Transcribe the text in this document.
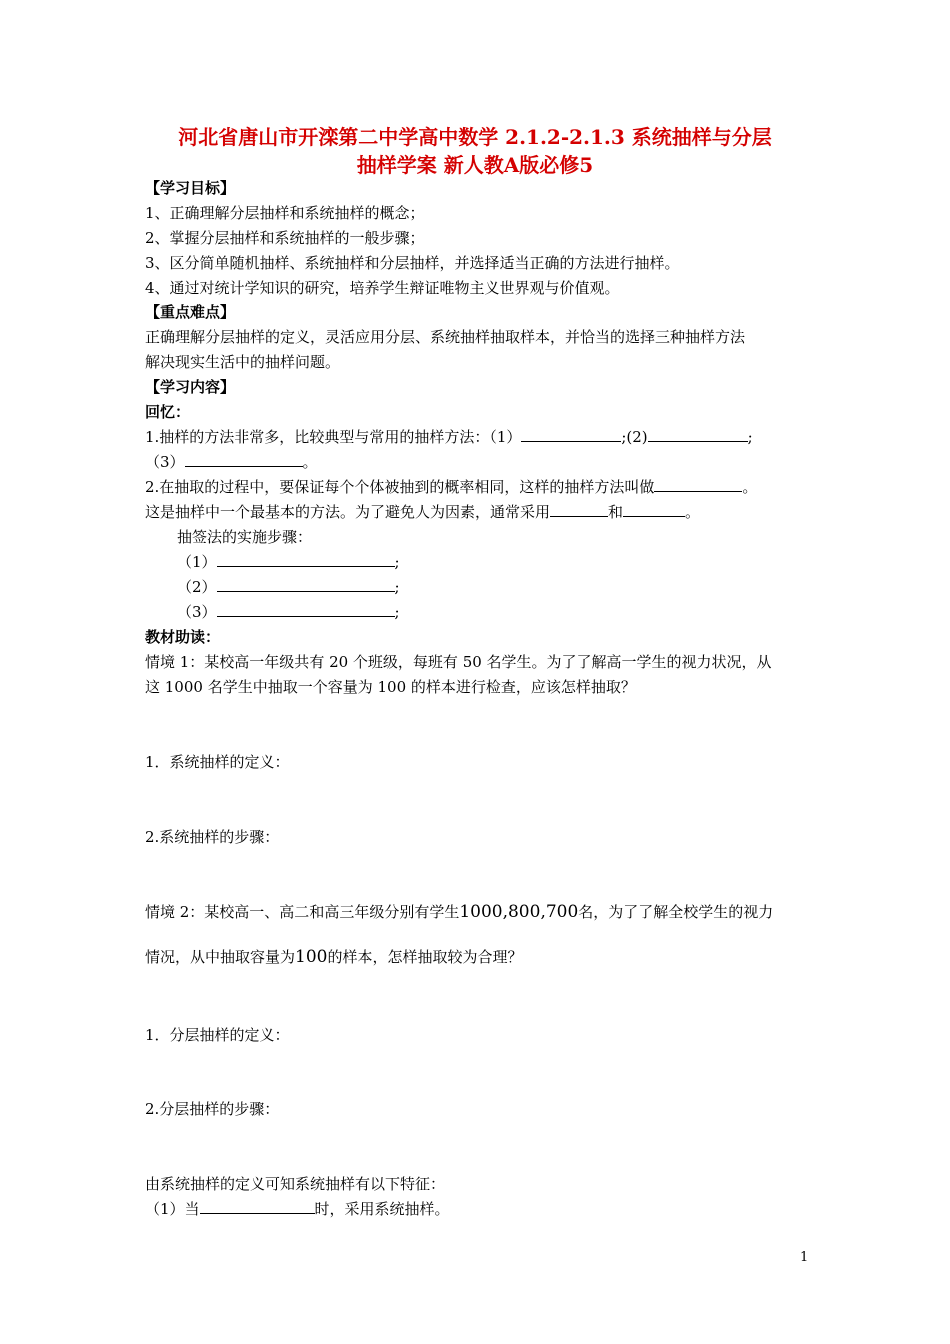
河北省唐山市开滦第二中学高中数学 2.1.2-2.1.3 系统抽样与分层
抽样学案 新人教A版必修5
【学习目标】
1、正确理解分层抽样和系统抽样的概念；
2、掌握分层抽样和系统抽样的一般步骤；
3、区分简单随机抽样、系统抽样和分层抽样，并选择适当正确的方法进行抽样。
4、通过对统计学知识的研究，培养学生辩证唯物主义世界观与价值观。
【重点难点】
正确理解分层抽样的定义，灵活应用分层、系统抽样抽取样本，并恰当的选择三种抽样方法
解决现实生活中的抽样问题。
【学习内容】
回忆：
1.抽样的方法非常多，比较典型与常用的抽样方法：（1）	;(2)	;
（3）	。
2.在抽取的过程中，要保证每个个体被抽到的概率相同，这样的抽样方法叫做	。
这是抽样中一个最基本的方法。为了避免人为因素，通常采用	和	。
抽签法的实施步骤：
（1）	;
（2）	;
（3）	;
教材助读：
情境 1：某校高一年级共有 20 个班级，每班有 50 名学生。为了了解高一学生的视力状况，从
这 1000 名学生中抽取一个容量为 100 的样本进行检查，应该怎样抽取？
1．系统抽样的定义：
2.系统抽样的步骤：
情境 2：某校高一、高二和高三年级分别有学生1000,800,700名，为了了解全校学生的视力
情况，从中抽取容量为100的样本，怎样抽取较为合理？
1．分层抽样的定义：
2.分层抽样的步骤：
由系统抽样的定义可知系统抽样有以下特征：
（1）当	时，采用系统抽样。
1
